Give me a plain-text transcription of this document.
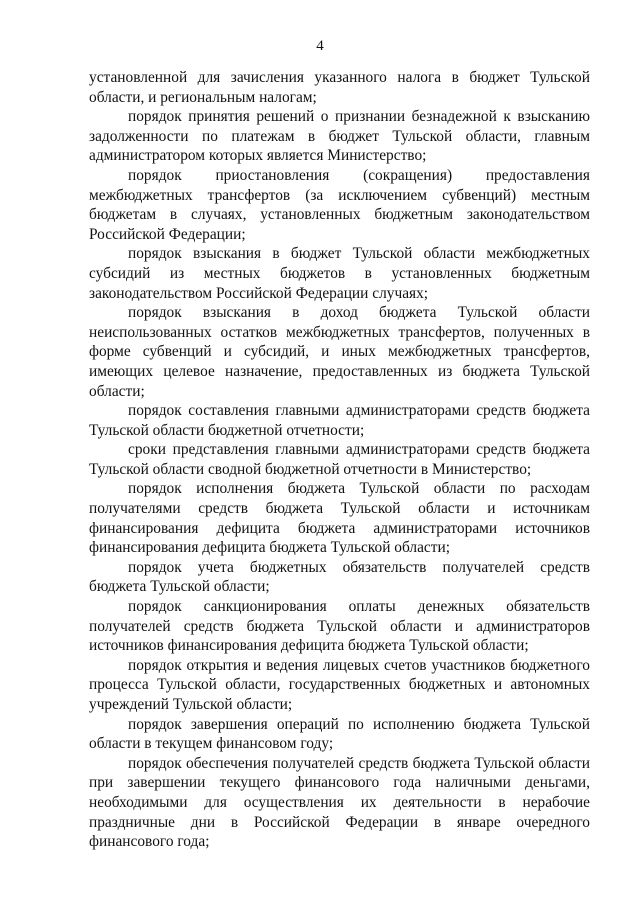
4

установленной для зачисления указанного налога в бюджет Тульской области, и региональным налогам;

порядок принятия решений о признании безнадежной к взысканию задолженности по платежам в бюджет Тульской области, главным администратором которых является Министерство;

порядок приостановления (сокращения) предоставления межбюджетных трансфертов (за исключением субвенций) местным бюджетам в случаях, установленных бюджетным законодательством Российской Федерации;

порядок взыскания в бюджет Тульской области межбюджетных субсидий из местных бюджетов в установленных бюджетным законодательством Российской Федерации случаях;

порядок взыскания в доход бюджета Тульской области неиспользованных остатков межбюджетных трансфертов, полученных в форме субвенций и субсидий, и иных межбюджетных трансфертов, имеющих целевое назначение, предоставленных из бюджета Тульской области;

порядок составления главными администраторами средств бюджета Тульской области бюджетной отчетности;

сроки представления главными администраторами средств бюджета Тульской области сводной бюджетной отчетности в Министерство;

порядок исполнения бюджета Тульской области по расходам получателями средств бюджета Тульской области и источникам финансирования дефицита бюджета администраторами источников финансирования дефицита бюджета Тульской области;

порядок учета бюджетных обязательств получателей средств бюджета Тульской области;

порядок санкционирования оплаты денежных обязательств получателей средств бюджета Тульской области и администраторов источников финансирования дефицита бюджета Тульской области;

порядок открытия и ведения лицевых счетов участников бюджетного процесса Тульской области, государственных бюджетных и автономных учреждений Тульской области;

порядок завершения операций по исполнению бюджета Тульской области в текущем финансовом году;

порядок обеспечения получателей средств бюджета Тульской области при завершении текущего финансового года наличными деньгами, необходимыми для осуществления их деятельности в нерабочие праздничные дни в Российской Федерации в январе очередного финансового года;
